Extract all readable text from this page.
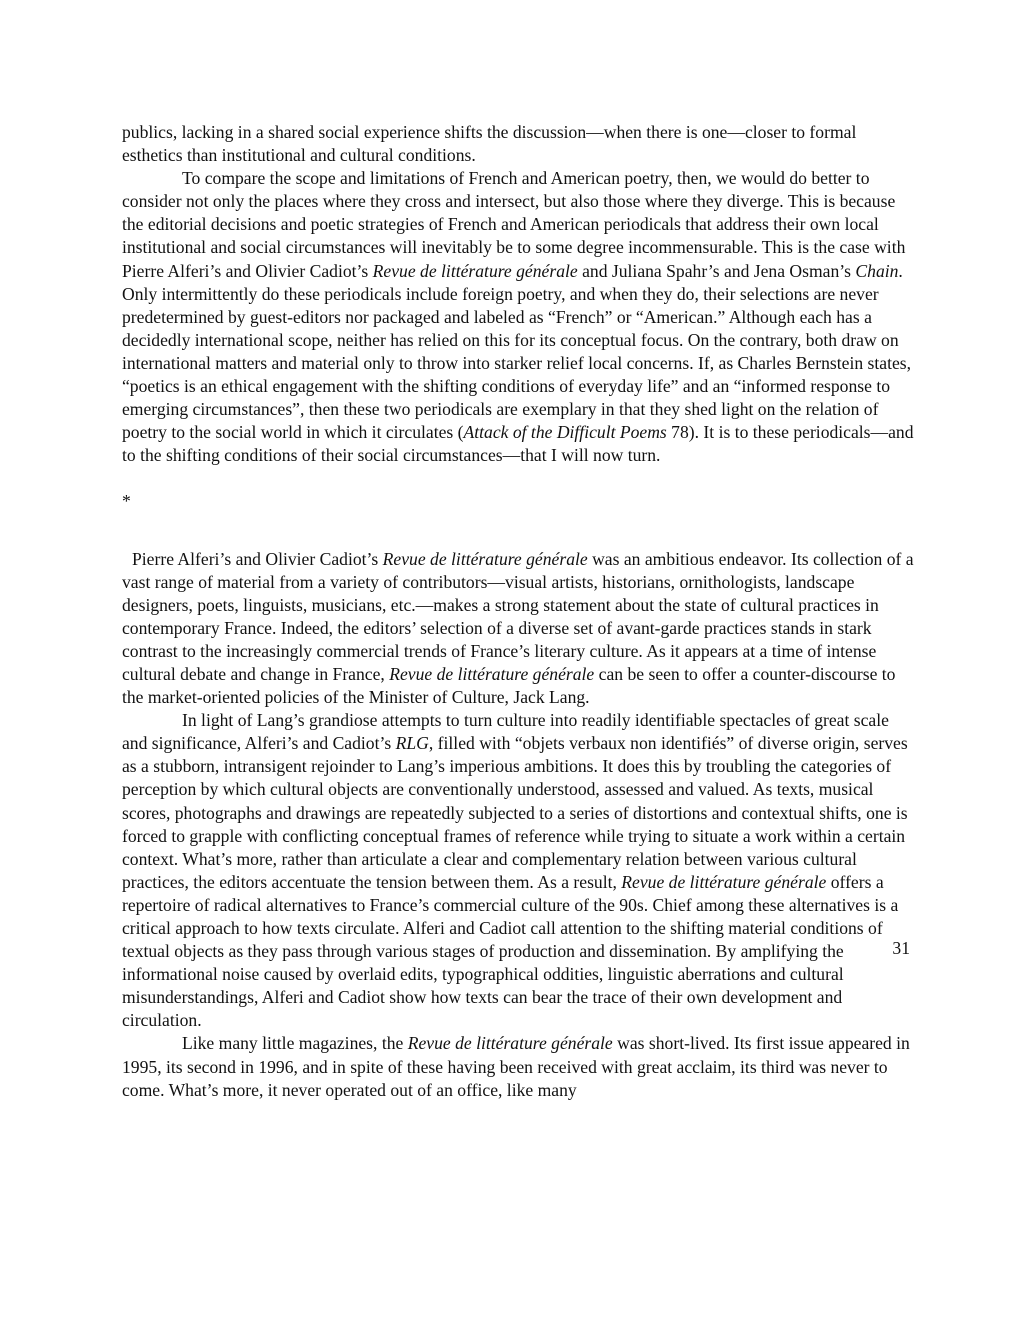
publics, lacking in a shared social experience shifts the discussion—when there is one—closer to formal esthetics than institutional and cultural conditions.

To compare the scope and limitations of French and American poetry, then, we would do better to consider not only the places where they cross and intersect, but also those where they diverge. This is because the editorial decisions and poetic strategies of French and American periodicals that address their own local institutional and social circumstances will inevitably be to some degree incommensurable. This is the case with Pierre Alferi’s and Olivier Cadiot’s Revue de littérature générale and Juliana Spahr’s and Jena Osman’s Chain. Only intermittently do these periodicals include foreign poetry, and when they do, their selections are never predetermined by guest-editors nor packaged and labeled as “French” or “American.” Although each has a decidedly international scope, neither has relied on this for its conceptual focus. On the contrary, both draw on international matters and material only to throw into starker relief local concerns. If, as Charles Bernstein states, “poetics is an ethical engagement with the shifting conditions of everyday life” and an “informed response to emerging circumstances”, then these two periodicals are exemplary in that they shed light on the relation of poetry to the social world in which it circulates (Attack of the Difficult Poems 78). It is to these periodicals—and to the shifting conditions of their social circumstances—that I will now turn.

*

Pierre Alferi’s and Olivier Cadiot’s Revue de littérature générale was an ambitious endeavor. Its collection of a vast range of material from a variety of contributors—visual artists, historians, ornithologists, landscape designers, poets, linguists, musicians, etc.—makes a strong statement about the state of cultural practices in contemporary France. Indeed, the editors’ selection of a diverse set of avant-garde practices stands in stark contrast to the increasingly commercial trends of France’s literary culture. As it appears at a time of intense cultural debate and change in France, Revue de littérature générale can be seen to offer a counter-discourse to the market-oriented policies of the Minister of Culture, Jack Lang.

In light of Lang’s grandiose attempts to turn culture into readily identifiable spectacles of great scale and significance, Alferi’s and Cadiot’s RLG, filled with “objets verbaux non identifiés” of diverse origin, serves as a stubborn, intransigent rejoinder to Lang’s imperious ambitions. It does this by troubling the categories of perception by which cultural objects are conventionally understood, assessed and valued. As texts, musical scores, photographs and drawings are repeatedly subjected to a series of distortions and contextual shifts, one is forced to grapple with conflicting conceptual frames of reference while trying to situate a work within a certain context. What’s more, rather than articulate a clear and complementary relation between various cultural practices, the editors accentuate the tension between them. As a result, Revue de littérature générale offers a repertoire of radical alternatives to France’s commercial culture of the 90s. Chief among these alternatives is a critical approach to how texts circulate. Alferi and Cadiot call attention to the shifting material conditions of textual objects as they pass through various stages of production and dissemination. By amplifying the informational noise caused by overlaid edits, typographical oddities, linguistic aberrations and cultural misunderstandings, Alferi and Cadiot show how texts can bear the trace of their own development and circulation.

Like many little magazines, the Revue de littérature générale was short-lived. Its first issue appeared in 1995, its second in 1996, and in spite of these having been received with great acclaim, its third was never to come. What’s more, it never operated out of an office, like many

31
